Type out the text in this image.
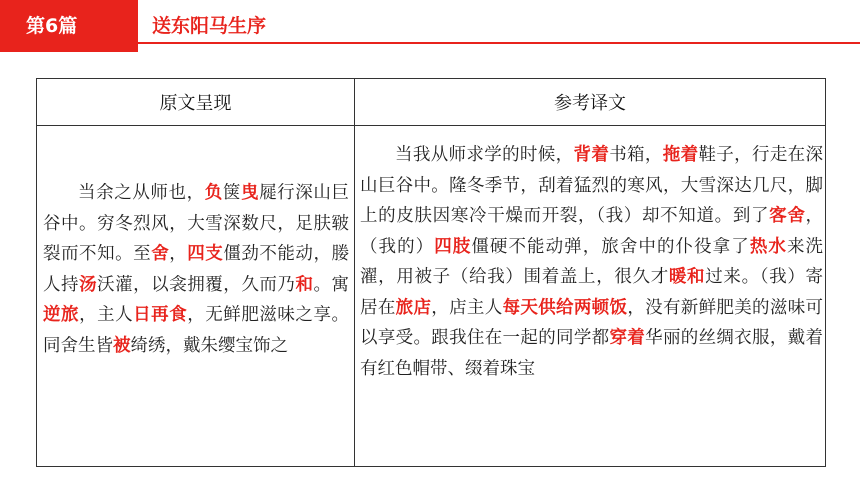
第6篇	送东阳马生序
原文呈现	参考译文

当余之从师也，负箧曳屣行深山巨谷中。穷冬烈风，大雪深数尺，足肤皲裂而不知。至舍，四支僵劲不能动，媵人持汤沃灌，以衾拥覆，久而乃和。寓逆旅，主人日再食，无鲜肥滋味之享。同舍生皆被绮绣，戴朱缨宝饰之	当我从师求学的时候，背着书箱，拖着鞋子，行走在深山巨谷中。隆冬季节，刮着猛烈的寒风，大雪深达几尺，脚上的皮肤因寒冷干燥而开裂，（我）却不知道。到了客舍，（我的）四肢僵硬不能动弹，旅舍中的仆役拿了热水来洗濯，用被子（给我）围着盖上，很久才暖和过来。（我）寄居在旅店，店主人每天供给两顿饭，没有新鲜肥美的滋味可以享受。跟我住在一起的同学都穿着华丽的丝绸衣服，戴着有红色帽带、缀着珠宝
